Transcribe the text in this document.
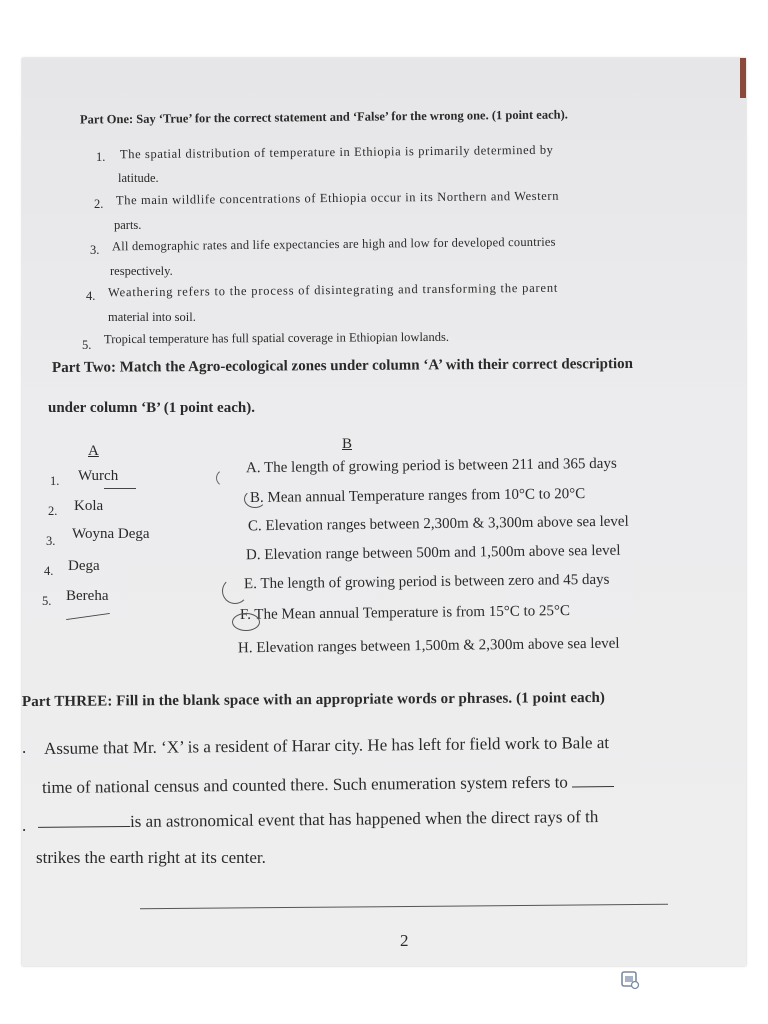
Part One: Say ‘True’ for the correct statement and ‘False’ for the wrong one. (1 point each).
1. The spatial distribution of temperature in Ethiopia is primarily determined by
latitude.
2. The main wildlife concentrations of Ethiopia occur in its Northern and Western
parts.
3. All demographic rates and life expectancies are high and low for developed countries
respectively.
4. Weathering refers to the process of disintegrating and transforming the parent
material into soil.
5. Tropical temperature has full spatial coverage in Ethiopian lowlands.
Part Two: Match the Agro-ecological zones under column ‘A’ with their correct description
under column ‘B’ (1 point each).
A	B
1. Wurch
2. Kola
3. Woyna Dega
4. Dega
5. Bereha
A. The length of growing period is between 211 and 365 days
B. Mean annual Temperature ranges from 10°C to 20°C
C. Elevation ranges between 2,300m & 3,300m above sea level
D. Elevation range between 500m and 1,500m above sea level
E. The length of growing period is between zero and 45 days
F. The Mean annual Temperature is from 15°C to 25°C
H. Elevation ranges between 1,500m & 2,300m above sea level
Part THREE: Fill in the blank space with an appropriate words or phrases. (1 point each)
. Assume that Mr. ‘X’ is a resident of Harar city. He has left for field work to Bale at
time of national census and counted there. Such enumeration system refers to
.	is an astronomical event that has happened when the direct rays of th
strikes the earth right at its center.
2
